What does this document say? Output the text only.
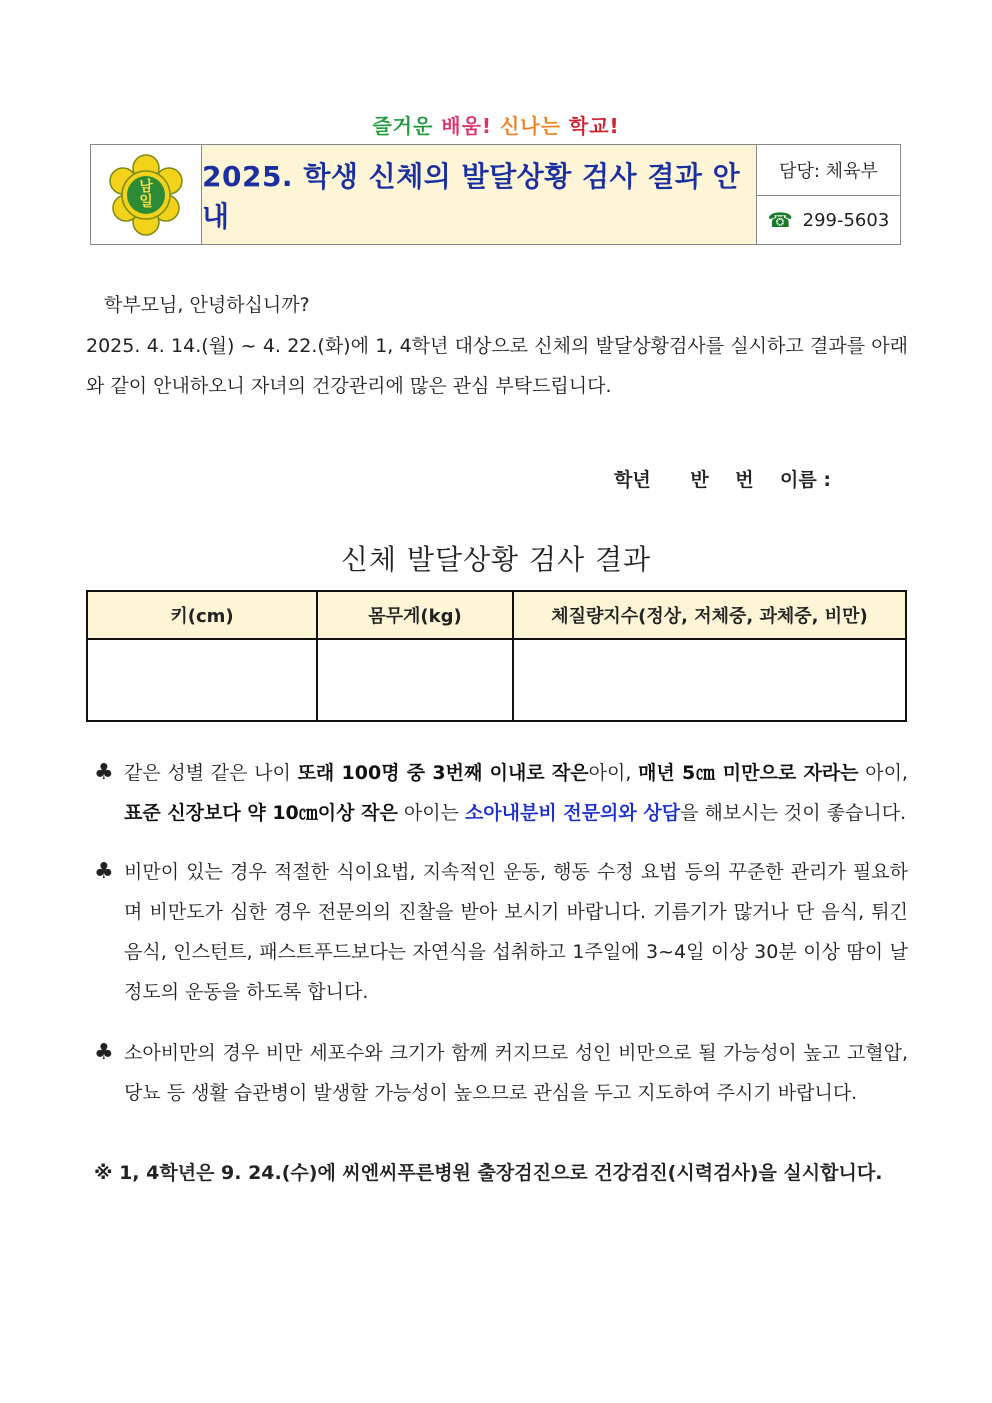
즐거운 배움! 신나는 학교!
남 일
2025. 학생 신체의 발달상황 검사 결과 안내
담당: 체육부
☎ 299-5603
학부모님, 안녕하십니까?
2025. 4. 14.(월) ~ 4. 22.(화)에 1, 4학년 대상으로 신체의 발달상황검사를 실시하고 결과를 아래와 같이 안내하오니 자녀의 건강관리에 많은 관심 부탁드립니다.
학년      반    번    이름 :
신체 발달상황 검사 결과
키(cm)	몸무게(kg)	체질량지수(정상, 저체중, 과체중, 비만)

♣ 같은 성별 같은 나이 또래 100명 중 3번째 이내로 작은아이, 매년 5㎝ 미만으로 자라는 아이, 표준 신장보다 약 10㎝이상 작은 아이는 소아내분비 전문의와 상담을 해보시는 것이 좋습니다.
♣ 비만이 있는 경우 적절한 식이요법, 지속적인 운동, 행동 수정 요법 등의 꾸준한 관리가 필요하며 비만도가 심한 경우 전문의의 진찰을 받아 보시기 바랍니다. 기름기가 많거나 단 음식, 튀긴 음식, 인스턴트, 패스트푸드보다는 자연식을 섭취하고 1주일에 3~4일 이상 30분 이상 땀이 날 정도의 운동을 하도록 합니다.
♣ 소아비만의 경우 비만 세포수와 크기가 함께 커지므로 성인 비만으로 될 가능성이 높고 고혈압, 당뇨 등 생활 습관병이 발생할 가능성이 높으므로 관심을 두고 지도하여 주시기 바랍니다.
※ 1, 4학년은 9. 24.(수)에 씨엔씨푸른병원 출장검진으로 건강검진(시력검사)을 실시합니다.
